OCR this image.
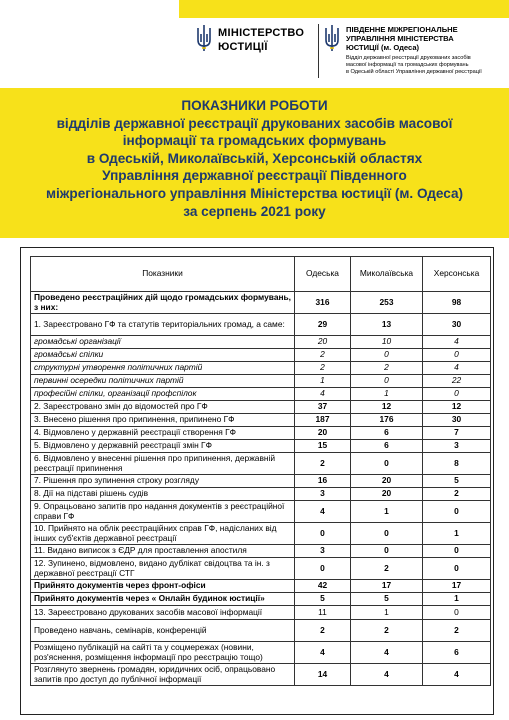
МІНІСТЕРСТВО
ЮСТИЦІЇ
ПІВДЕННЕ МІЖРЕГІОНАЛЬНЕ
УПРАВЛІННЯ МІНІСТЕРСТВА
ЮСТИЦІЇ (м. Одеса)
Відділ державної реєстрації друкованих засобів
масової інформації та громадських формувань
в Одеській області Управління державної реєстрації
ПОКАЗНИКИ РОБОТИ
відділів державної реєстрації друкованих засобів масової
інформації та громадських формувань
в Одеській, Миколаївській, Херсонській областях
Управління державної реєстрації Південного
міжрегіонального управління Міністерства юстиції (м. Одеса)
за серпень 2021 року
Показники	Одеська	Миколаївська	Херсонська
Проведено реєстраційних дій щодо громадських формувань, з них:	316	253	98
1. Зареєстровано ГФ та статутів територіальних громад, а саме:	29	13	30
громадські організації	20	10	4
громадські спілки	2	0	0
структурні утворення політичних партій	2	2	4
первинні осередки політичних партій	1	0	22
професійні спілки, організації профспілок	4	1	0
2. Зареєстровано змін до відомостей про ГФ	37	12	12
3. Внесено рішення про припинення, припинено ГФ	187	176	30
4. Відмовлено у державній реєстрації створення ГФ	20	6	7
5. Відмовлено у державній реєстрації змін ГФ	15	6	3
6. Відмовлено у внесенні рішення про припинення, державній реєстрації припинення	2	0	8
7. Рішення про зупинення строку розгляду	16	20	5
8. Дії на підставі рішень судів	3	20	2
9. Опрацьовано запитів про надання документів з реєстраційної справи ГФ	4	1	0
10. Прийнято на облік реєстраційних справ ГФ, надісланих від інших суб'єктів державної реєстрації	0	0	1
11. Видано виписок з ЄДР для проставлення апостиля	3	0	0
12. Зупинено, відмовлено, видано дублікат свідоцтва та ін. з державної реєстрації СТГ	0	2	0
Прийнято документів через фронт-офіси	42	17	17
Прийнято документів через « Онлайн будинок юстиції»	5	5	1
13. Зареєстровано друкованих засобів масової інформації	11	1	0
Проведено навчань, семінарів, конференцій	2	2	2
Розміщено публікацій на сайті та у соцмережах (новини, роз'яснення, розміщення інформації про реєстрацію тощо)	4	4	6
Розглянуто звернень громадян, юридичних осіб, опрацьовано запитів про доступ до публічної інформації	14	4	4
